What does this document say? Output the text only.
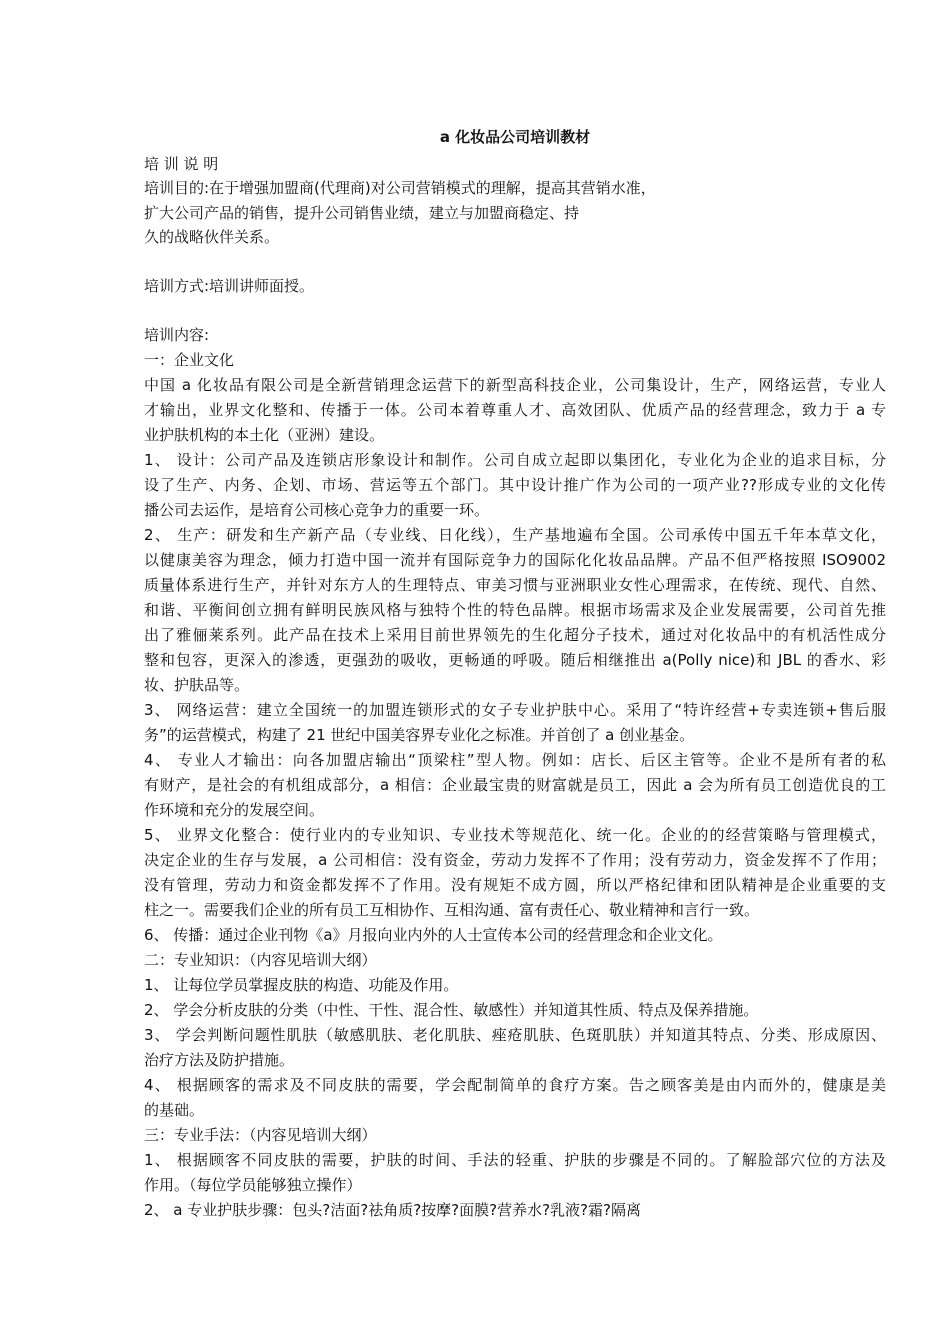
a 化妆品公司培训教材
培 训 说 明
培训目的:在于增强加盟商(代理商)对公司营销模式的理解，提高其营销水准，
扩大公司产品的销售，提升公司销售业绩，建立与加盟商稳定、持
久的战略伙伴关系。
培训方式:培训讲师面授。
培训内容:
一：企业文化
中国 a 化妆品有限公司是全新营销理念运营下的新型高科技企业，公司集设计，生产，网络运营，专业人
才输出，业界文化整和、传播于一体。公司本着尊重人才、高效团队、优质产品的经营理念，致力于 a 专
业护肤机构的本土化（亚洲）建设。
1、 设计：公司产品及连锁店形象设计和制作。公司自成立起即以集团化，专业化为企业的追求目标，分
设了生产、内务、企划、市场、营运等五个部门。其中设计推广作为公司的一项产业??形成专业的文化传
播公司去运作，是培育公司核心竞争力的重要一环。
2、 生产：研发和生产新产品（专业线、日化线），生产基地遍布全国。公司承传中国五千年本草文化，
以健康美容为理念，倾力打造中国一流并有国际竞争力的国际化化妆品品牌。产品不但严格按照 ISO9002
质量体系进行生产，并针对东方人的生理特点、审美习惯与亚洲职业女性心理需求，在传统、现代、自然、
和谐、平衡间创立拥有鲜明民族风格与独特个性的特色品牌。根据市场需求及企业发展需要，公司首先推
出了雅俪莱系列。此产品在技术上采用目前世界领先的生化超分子技术，通过对化妆品中的有机活性成分
整和包容，更深入的渗透，更强劲的吸收，更畅通的呼吸。随后相继推出 a(Polly nice)和 JBL 的香水、彩
妆、护肤品等。
3、 网络运营：建立全国统一的加盟连锁形式的女子专业护肤中心。采用了“特许经营+专卖连锁+售后服
务”的运营模式，构建了 21 世纪中国美容界专业化之标准。并首创了 a 创业基金。
4、 专业人才输出：向各加盟店输出“顶梁柱”型人物。例如：店长、后区主管等。企业不是所有者的私
有财产，是社会的有机组成部分，a 相信：企业最宝贵的财富就是员工，因此 a 会为所有员工创造优良的工
作环境和充分的发展空间。
5、 业界文化整合：使行业内的专业知识、专业技术等规范化、统一化。企业的的经营策略与管理模式，
决定企业的生存与发展，a 公司相信：没有资金，劳动力发挥不了作用；没有劳动力，资金发挥不了作用；
没有管理，劳动力和资金都发挥不了作用。没有规矩不成方圆，所以严格纪律和团队精神是企业重要的支
柱之一。需要我们企业的所有员工互相协作、互相沟通、富有责任心、敬业精神和言行一致。
6、 传播：通过企业刊物《a》月报向业内外的人士宣传本公司的经营理念和企业文化。
二：专业知识：（内容见培训大纲）
1、 让每位学员掌握皮肤的构造、功能及作用。
2、 学会分析皮肤的分类（中性、干性、混合性、敏感性）并知道其性质、特点及保养措施。
3、 学会判断问题性肌肤（敏感肌肤、老化肌肤、痤疮肌肤、色斑肌肤）并知道其特点、分类、形成原因、
治疗方法及防护措施。
4、 根据顾客的需求及不同皮肤的需要，学会配制简单的食疗方案。告之顾客美是由内而外的，健康是美
的基础。
三：专业手法：（内容见培训大纲）
1、 根据顾客不同皮肤的需要，护肤的时间、手法的轻重、护肤的步骤是不同的。了解脸部穴位的方法及
作用。（每位学员能够独立操作）
2、 a 专业护肤步骤：包头?洁面?祛角质?按摩?面膜?营养水?乳液?霜?隔离
